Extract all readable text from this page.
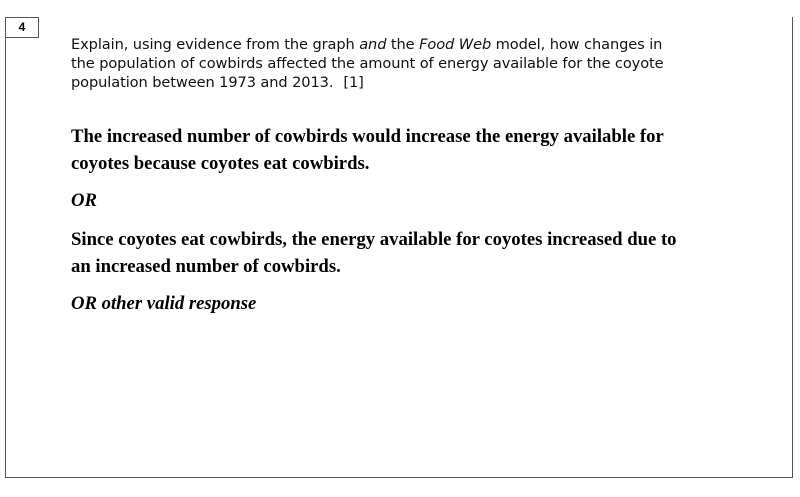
4
Explain, using evidence from the graph and the Food Web model, how changes in
the population of cowbirds affected the amount of energy available for the coyote
population between 1973 and 2013. [1]
The increased number of cowbirds would increase the energy available for
coyotes because coyotes eat cowbirds.
OR
Since coyotes eat cowbirds, the energy available for coyotes increased due to
an increased number of cowbirds.
OR other valid response
